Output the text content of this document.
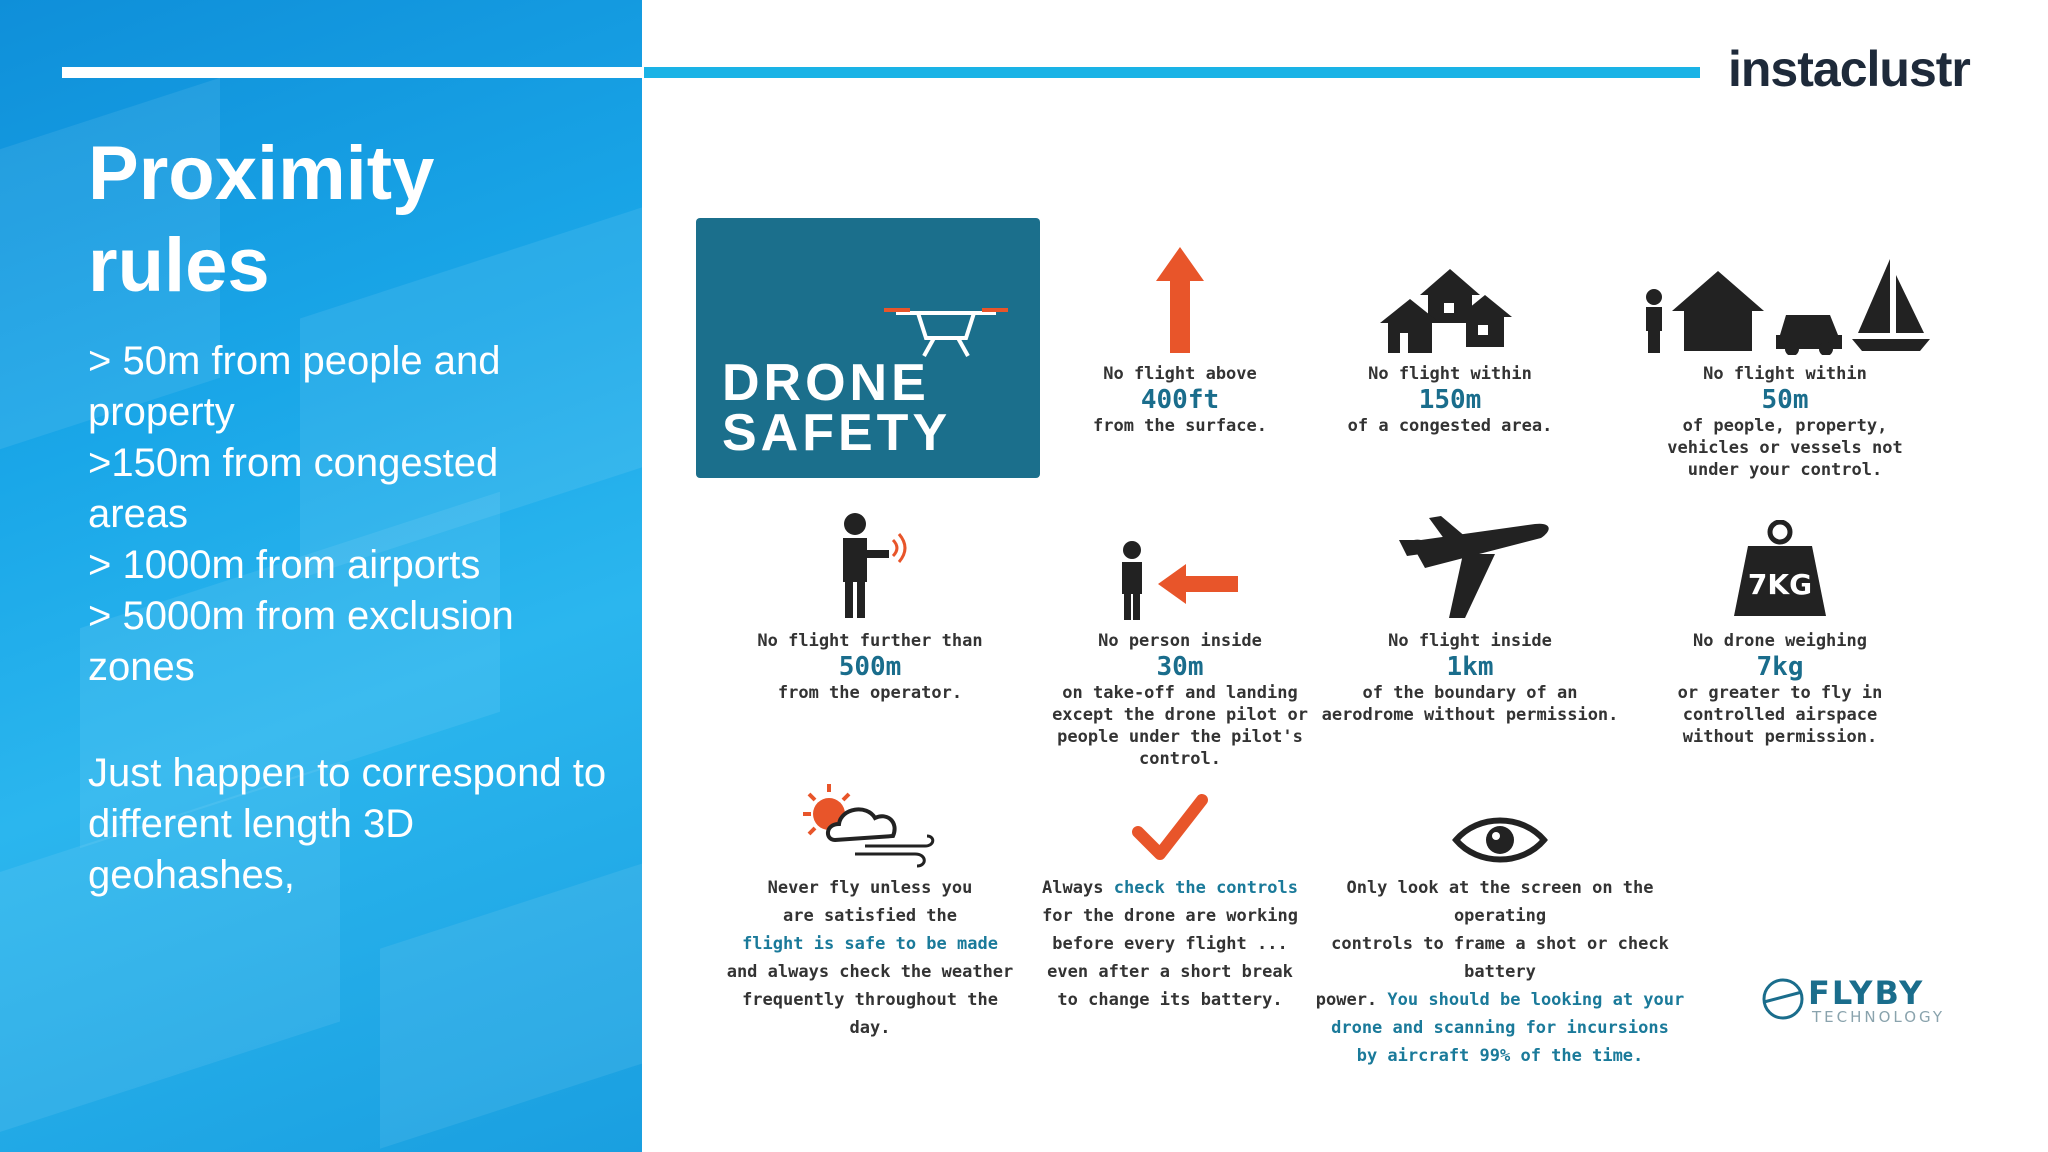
Proximity rules
> 50m from people and property
>150m from congested areas
> 1000m from airports
> 5000m from exclusion zones
Just happen to correspond to different length 3D geohashes,
instaclustr
DRONE
SAFETY
No flight above
400ft
from the surface.
No flight within
150m
of a congested area.
No flight within
50m
of people, property, vehicles or vessels not under your control.
No flight further than
500m
from the operator.
No person inside
30m
on take-off and landing except the drone pilot or people under the pilot's control.
No flight inside
1km
of the boundary of an aerodrome without permission.
7KG
No drone weighing
7kg
or greater to fly in controlled airspace without permission.
Never fly unless you
are satisfied the
flight is safe to be made
and always check the weather
frequently throughout the day.
Always check the controls
for the drone are working
before every flight ...
even after a short break
to change its battery.
Only look at the screen on the operating
controls to frame a shot or check battery
power. You should be looking at your
drone and scanning for incursions
by aircraft 99% of the time.
FLYBY
TECHNOLOGY
